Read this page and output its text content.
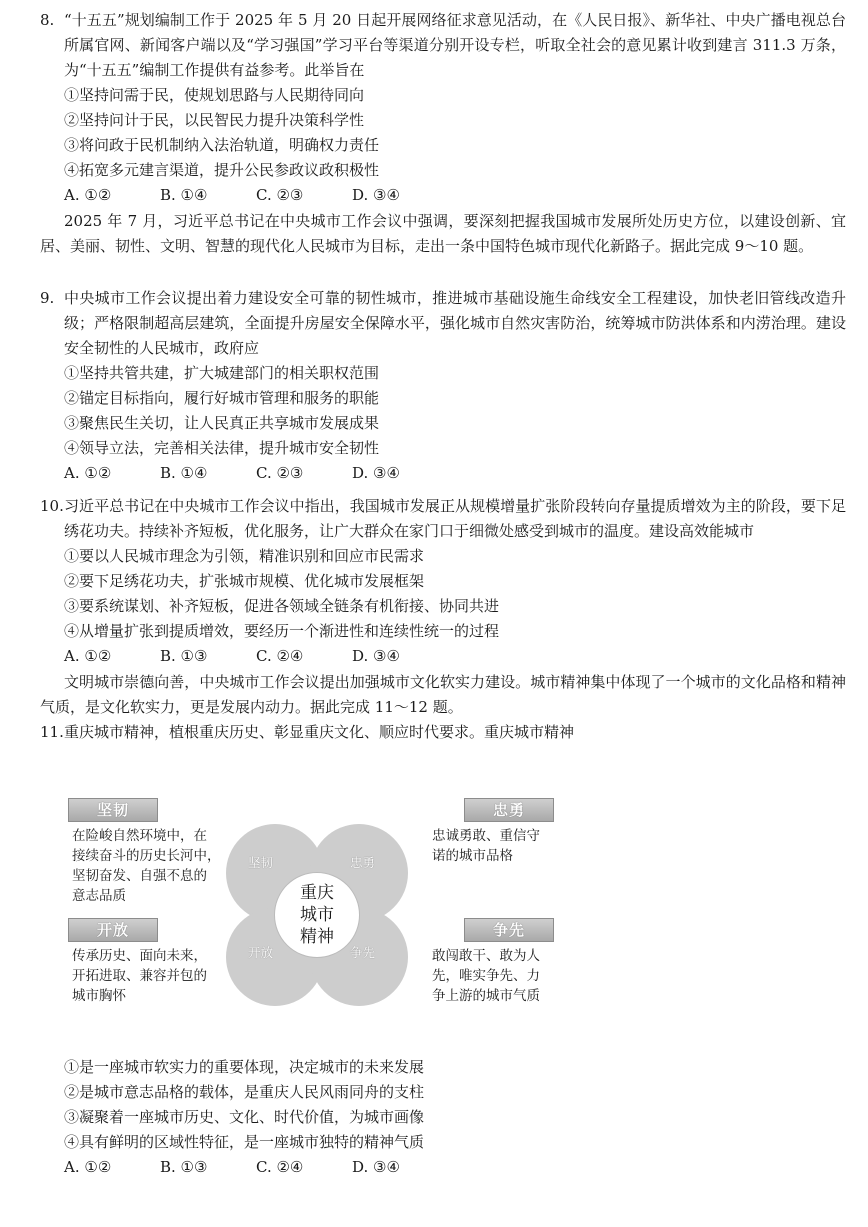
8. “十五五”规划编制工作于 2025 年 5 月 20 日起开展网络征求意见活动，在《人民日报》、新华社、中央广播电视总台所属官网、新闻客户端以及“学习强国”学习平台等渠道分别开设专栏，听取全社会的意见累计收到建言 311.3 万条，为“十五五”编制工作提供有益参考。此举旨在
①坚持问需于民，使规划思路与人民期待同向
②坚持问计于民，以民智民力提升决策科学性
③将问政于民机制纳入法治轨道，明确权力责任
④拓宽多元建言渠道，提升公民参政议政积极性
A. ①②	B. ①④	C. ②③	D. ③④
2025 年 7 月，习近平总书记在中央城市工作会议中强调，要深刻把握我国城市发展所处历史方位，以建设创新、宜居、美丽、韧性、文明、智慧的现代化人民城市为目标，走出一条中国特色城市现代化新路子。据此完成 9～10 题。
9. 中央城市工作会议提出着力建设安全可靠的韧性城市，推进城市基础设施生命线安全工程建设，加快老旧管线改造升级；严格限制超高层建筑，全面提升房屋安全保障水平，强化城市自然灾害防治，统筹城市防洪体系和内涝治理。建设安全韧性的人民城市，政府应
①坚持共管共建，扩大城建部门的相关职权范围
②锚定目标指向，履行好城市管理和服务的职能
③聚焦民生关切，让人民真正共享城市发展成果
④领导立法，完善相关法律，提升城市安全韧性
A. ①②	B. ①④	C. ②③	D. ③④
10. 习近平总书记在中央城市工作会议中指出，我国城市发展正从规模增量扩张阶段转向存量提质增效为主的阶段，要下足绣花功夫。持续补齐短板，优化服务，让广大群众在家门口于细微处感受到城市的温度。建设高效能城市
①要以人民城市理念为引领，精准识别和回应市民需求
②要下足绣花功夫，扩张城市规模、优化城市发展框架
③要系统谋划、补齐短板，促进各领域全链条有机衔接、协同共进
④从增量扩张到提质增效，要经历一个渐进性和连续性统一的过程
A. ①②	B. ①③	C. ②④	D. ③④
文明城市崇德向善，中央城市工作会议提出加强城市文化软实力建设。城市精神集中体现了一个城市的文化品格和精神气质，是文化软实力，更是发展内动力。据此完成 11～12 题。
11. 重庆城市精神，植根重庆历史、彰显重庆文化、顺应时代要求。重庆城市精神
坚韧
在险峻自然环境中，在
接续奋斗的历史长河中，
坚韧奋发、自强不息的
意志品质
开放
传承历史、面向未来，
开拓进取、兼容并包的
城市胸怀
忠勇
忠诚勇敢、重信守
诺的城市品格
争先
敢闯敢干、敢为人
先，唯实争先、力
争上游的城市气质
坚韧	忠勇
开放	争先
重庆
城市
精神
①是一座城市软实力的重要体现，决定城市的未来发展
②是城市意志品格的载体，是重庆人民风雨同舟的支柱
③凝聚着一座城市历史、文化、时代价值，为城市画像
④具有鲜明的区域性特征，是一座城市独特的精神气质
A. ①②	B. ①③	C. ②④	D. ③④
